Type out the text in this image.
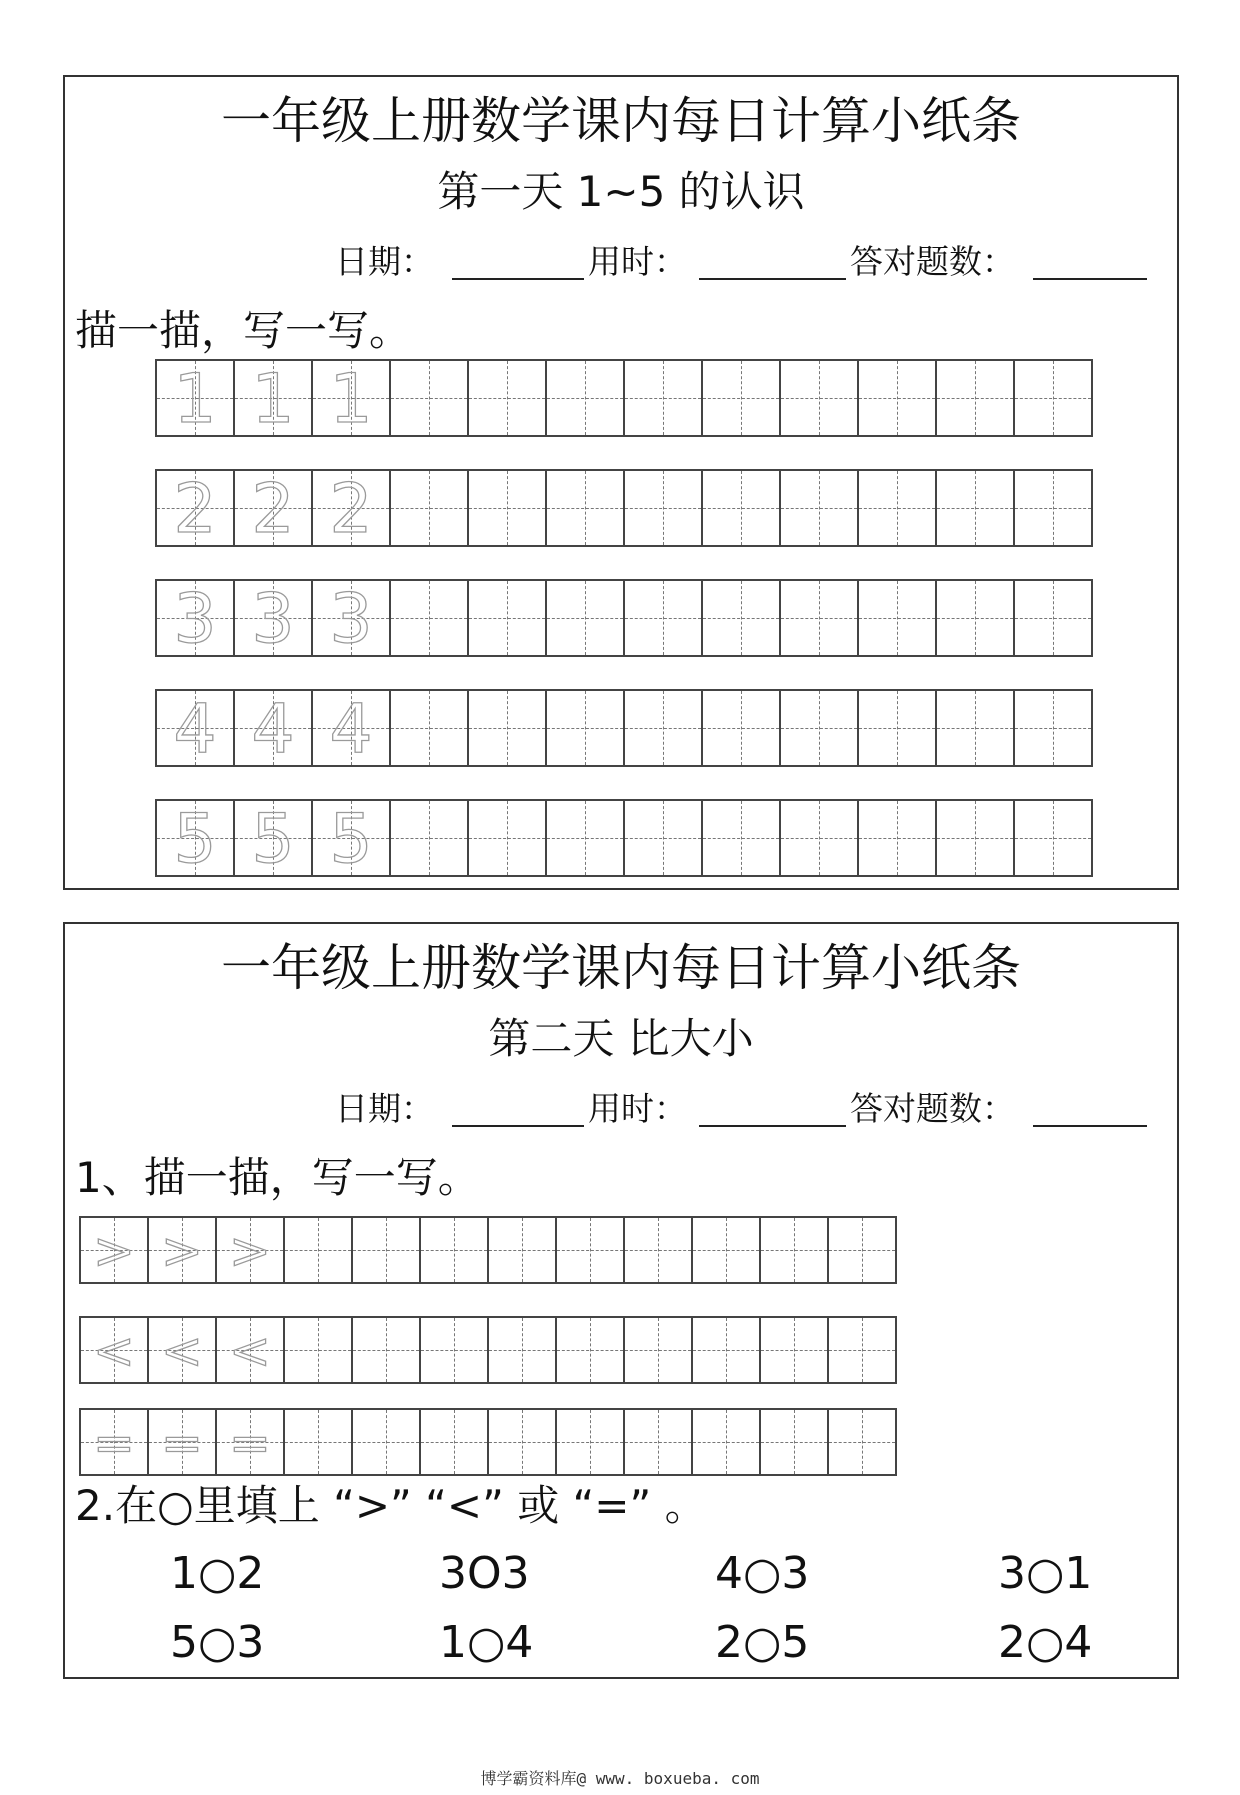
一年级上册数学课内每日计算小纸条
第一天 1~5 的认识
日期：	用时：	答对题数：
描一描，写一写。
1 1 1
2 2 2
3 3 3
4 4 4
5 5 5
一年级上册数学课内每日计算小纸条
第二天 比大小
日期：	用时：	答对题数：
1、描一描，写一写。
> > >
< < <
= = =
2.在○里填上 “>” “<” 或 “=” 。
1○2	3O3	4○3	3○1
5○3	1○4	2○5	2○4
博学霸资料库@ www. boxueba. com
